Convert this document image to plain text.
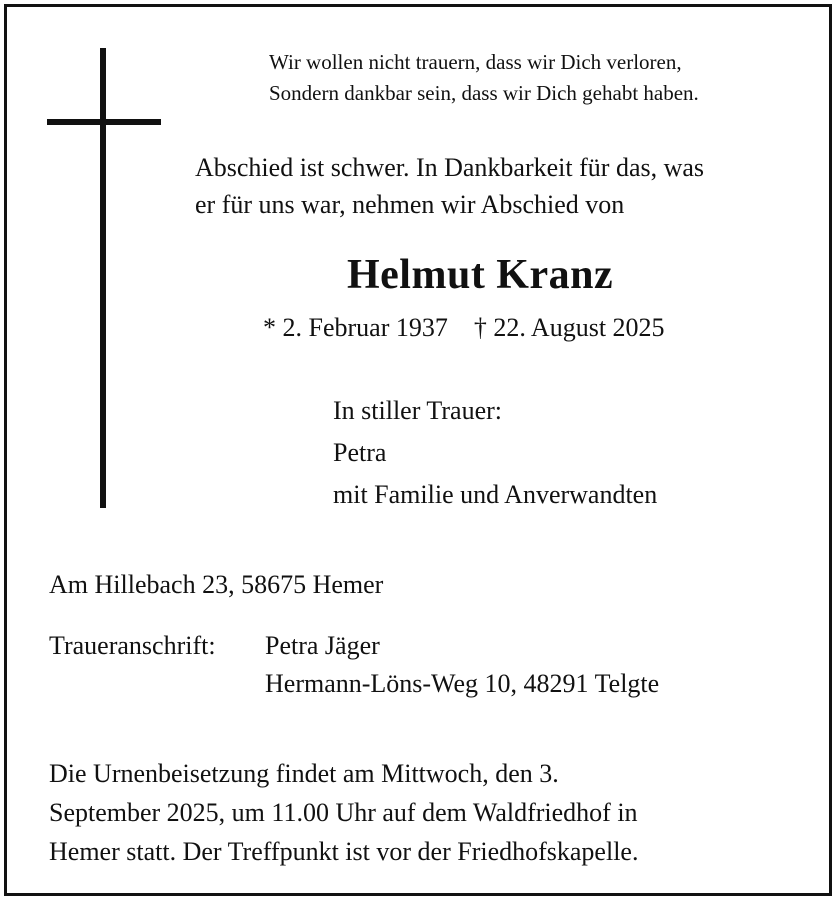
Wir wollen nicht trauern, dass wir Dich verloren,
Sondern dankbar sein, dass wir Dich gehabt haben.
Abschied ist schwer. In Dankbarkeit für das, was
er für uns war, nehmen wir Abschied von
Helmut Kranz
* 2. Februar 1937 † 22. August 2025
In stiller Trauer:
Petra
mit Familie und Anverwandten
Am Hillebach 23, 58675 Hemer
Traueranschrift: Petra Jäger
Hermann-Löns-Weg 10, 48291 Telgte
Die Urnenbeisetzung findet am Mittwoch, den 3.
September 2025, um 11.00 Uhr auf dem Waldfriedhof in
Hemer statt. Der Treffpunkt ist vor der Friedhofskapelle.
